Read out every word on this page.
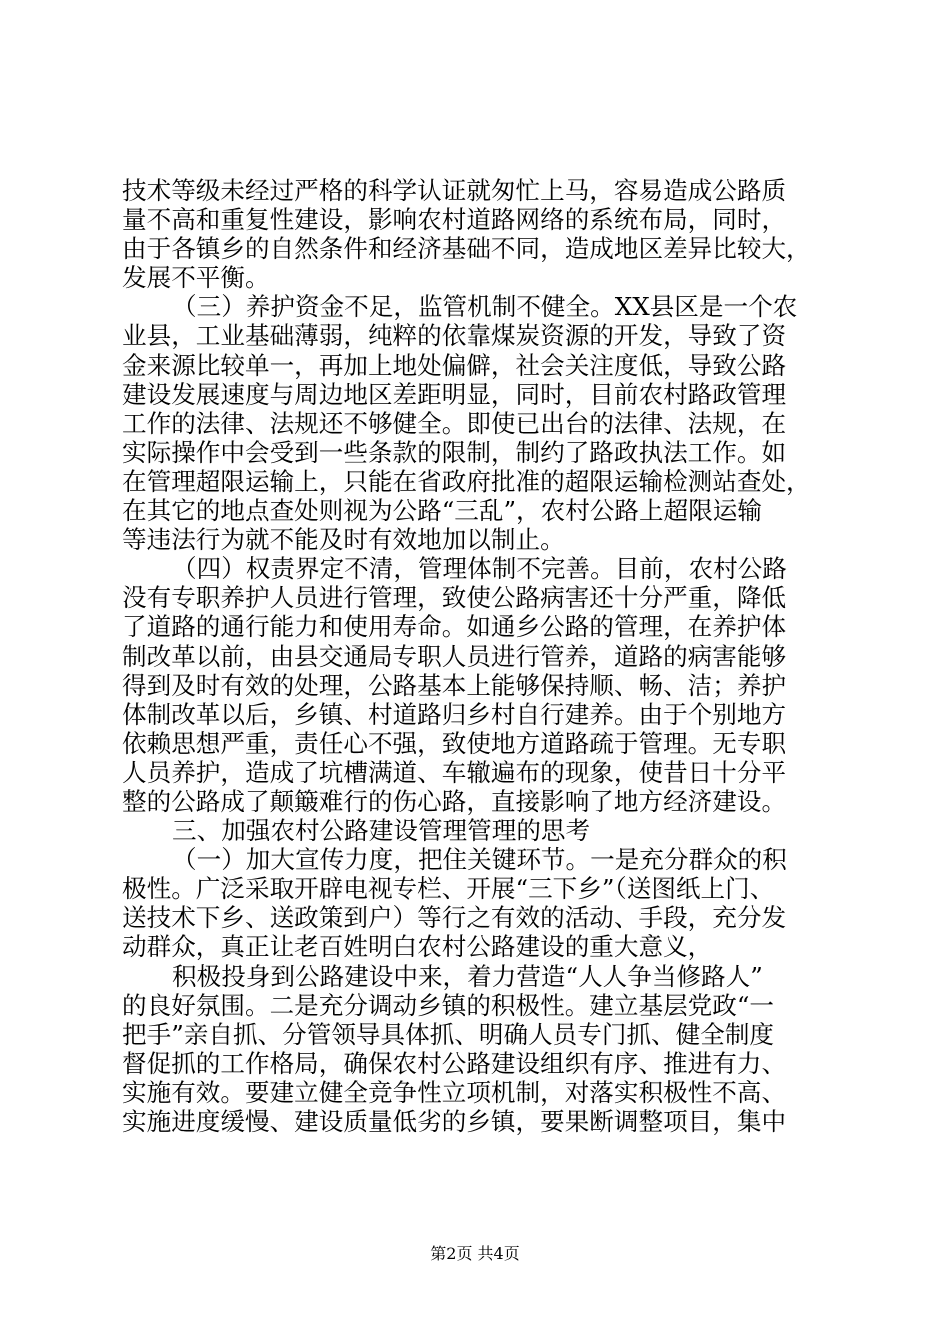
技术等级未经过严格的科学认证就匆忙上马，容易造成公路质
量不高和重复性建设，影响农村道路网络的系统布局，同时，
由于各镇乡的自然条件和经济基础不同，造成地区差异比较大，
发展不平衡。
（三）养护资金不足，监管机制不健全。XX县区是一个农
业县，工业基础薄弱，纯粹的依靠煤炭资源的开发，导致了资
金来源比较单一，再加上地处偏僻，社会关注度低，导致公路
建设发展速度与周边地区差距明显，同时，目前农村路政管理
工作的法律、法规还不够健全。即使已出台的法律、法规，在
实际操作中会受到一些条款的限制，制约了路政执法工作。如
在管理超限运输上，只能在省政府批准的超限运输检测站查处，
在其它的地点查处则视为公路“三乱”，农村公路上超限运输
等违法行为就不能及时有效地加以制止。
（四）权责界定不清，管理体制不完善。目前，农村公路
没有专职养护人员进行管理，致使公路病害还十分严重，降低
了道路的通行能力和使用寿命。如通乡公路的管理，在养护体
制改革以前，由县交通局专职人员进行管养，道路的病害能够
得到及时有效的处理，公路基本上能够保持顺、畅、洁；养护
体制改革以后，乡镇、村道路归乡村自行建养。由于个别地方
依赖思想严重，责任心不强，致使地方道路疏于管理。无专职
人员养护，造成了坑槽满道、车辙遍布的现象，使昔日十分平
整的公路成了颠簸难行的伤心路，直接影响了地方经济建设。
三、加强农村公路建设管理管理的思考
（一）加大宣传力度，把住关键环节。一是充分群众的积
极性。广泛采取开辟电视专栏、开展“三下乡”（送图纸上门、
送技术下乡、送政策到户）等行之有效的活动、手段，充分发
动群众，真正让老百姓明白农村公路建设的重大意义，
积极投身到公路建设中来，着力营造“人人争当修路人”
的良好氛围。二是充分调动乡镇的积极性。建立基层党政“一
把手”亲自抓、分管领导具体抓、明确人员专门抓、健全制度
督促抓的工作格局，确保农村公路建设组织有序、推进有力、
实施有效。要建立健全竞争性立项机制，对落实积极性不高、
实施进度缓慢、建设质量低劣的乡镇，要果断调整项目，集中
第2页 共4页
